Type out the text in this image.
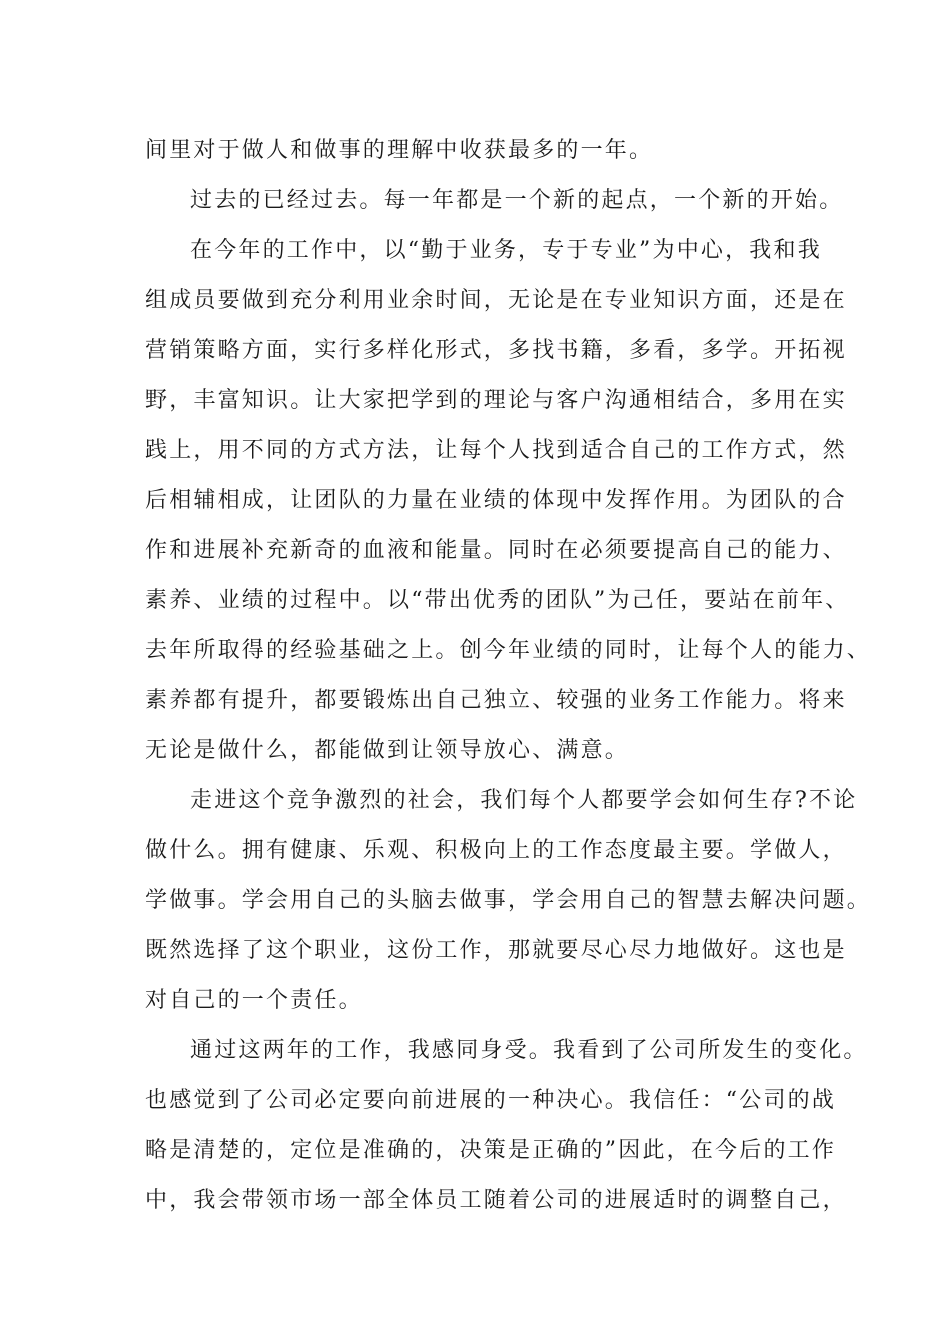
间里对于做人和做事的理解中收获最多的一年。
过去的已经过去。每一年都是一个新的起点，一个新的开始。
在今年的工作中，以“勤于业务，专于专业”为中心，我和我
组成员要做到充分利用业余时间，无论是在专业知识方面，还是在
营销策略方面，实行多样化形式，多找书籍，多看，多学。开拓视
野，丰富知识。让大家把学到的理论与客户沟通相结合，多用在实
践上，用不同的方式方法，让每个人找到适合自己的工作方式，然
后相辅相成，让团队的力量在业绩的体现中发挥作用。为团队的合
作和进展补充新奇的血液和能量。同时在必须要提高自己的能力、
素养、业绩的过程中。以“带出优秀的团队”为己任，要站在前年、
去年所取得的经验基础之上。创今年业绩的同时，让每个人的能力、
素养都有提升，都要锻炼出自己独立、较强的业务工作能力。将来
无论是做什么，都能做到让领导放心、满意。
走进这个竞争激烈的社会，我们每个人都要学会如何生存?不论
做什么。拥有健康、乐观、积极向上的工作态度最主要。学做人，
学做事。学会用自己的头脑去做事，学会用自己的智慧去解决问题。
既然选择了这个职业，这份工作，那就要尽心尽力地做好。这也是
对自己的一个责任。
通过这两年的工作，我感同身受。我看到了公司所发生的变化。
也感觉到了公司必定要向前进展的一种决心。我信任：“公司的战
略是清楚的，定位是准确的，决策是正确的”因此，在今后的工作
中，我会带领市场一部全体员工随着公司的进展适时的调整自己，
